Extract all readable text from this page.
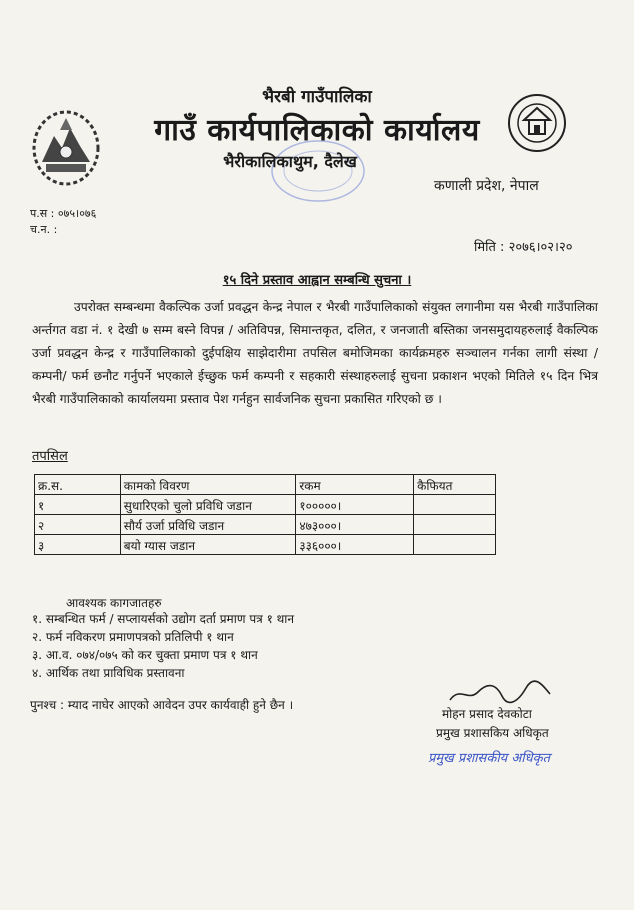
भैरबी गाउँपालिका
गाउँ कार्यपालिकाको कार्यालय
भैरीकालिकाथुम, दैलेख
कणाली प्रदेश, नेपाल
प.स : ०७५।०७६
च.न. :
मिति : २०७६।०२।२०
१५ दिने प्रस्ताव आह्वान सम्बन्धि सुचना ।
उपरोक्त सम्बन्धमा वैकल्पिक उर्जा प्रवद्धन केन्द्र नेपाल र भैरबी गाउँपालिकाको संयुक्त लगानीमा यस भैरबी गाउँपालिका अर्न्तगत वडा नं. १ देखी ७ सम्म बस्ने विपन्न / अतिविपन्न, सिमान्तकृत, दलित, र जनजाती बस्तिका जनसमुदायहरुलाई वैकल्पिक उर्जा प्रवद्धन केन्द्र र गाउँपालिकाको दुईपक्षिय साझेदारीमा तपसिल बमोजिमका कार्यक्रमहरु सञ्चालन गर्नका लागी संस्था / कम्पनी/ फर्म छनौट गर्नुपर्ने भएकाले ईच्छुक फर्म कम्पनी र सहकारी संस्थाहरुलाई सुचना प्रकाशन भएको मितिले १५ दिन भित्र भैरबी गाउँपालिकाको कार्यालयमा प्रस्ताव पेश गर्नहुन सार्वजनिक सुचना प्रकासित गरिएको छ ।
तपसिल
क्र.स.	कामको विवरण	रकम	कैफियत
१	सुधारिएको चुलो प्रविधि जडान	१०००००।	
२	सौर्य उर्जा प्रविधि जडान	४७३०००।	
३	बयो ग्यास जडान	३३६०००।	
आवश्यक कागजातहरु
१. सम्बन्धित फर्म / सप्लायर्सको उद्योग दर्ता प्रमाण पत्र १ थान
२. फर्म नविकरण प्रमाणपत्रको प्रतिलिपी १ थान
३. आ.व. ०७४/०७५ को कर चुक्ता प्रमाण पत्र १ थान
४. आर्थिक तथा प्राविधिक प्रस्तावना
पुनश्च : म्याद नाघेर आएको आवेदन उपर कार्यवाही हुने छैन ।
मोहन प्रसाद देवकोटा
प्रमुख प्रशासकिय अधिकृत
प्रमुख प्रशासकीय अधिकृत
